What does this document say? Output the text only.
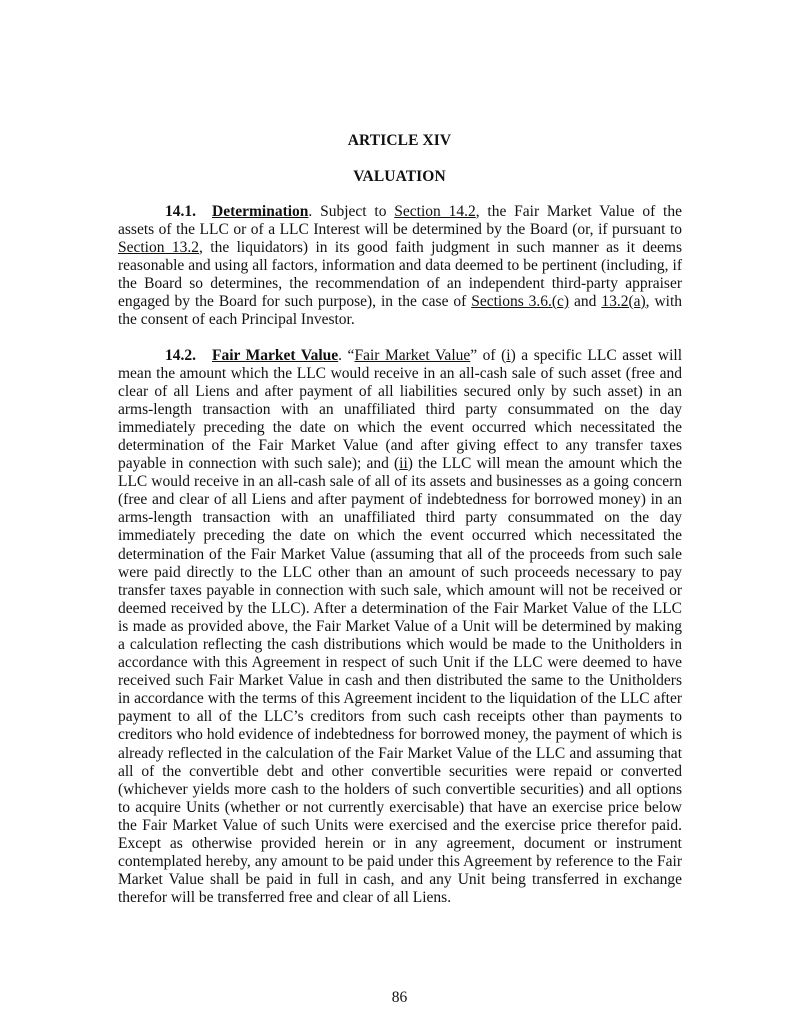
ARTICLE XIV
VALUATION

14.1. Determination. Subject to Section 14.2, the Fair Market Value of the assets of the LLC or of a LLC Interest will be determined by the Board (or, if pursuant to Section 13.2, the liquidators) in its good faith judgment in such manner as it deems reasonable and using all factors, information and data deemed to be pertinent (including, if the Board so determines, the recommendation of an independent third-party appraiser engaged by the Board for such purpose), in the case of Sections 3.6.(c) and 13.2(a), with the consent of each Principal Investor.

14.2. Fair Market Value. “Fair Market Value” of (i) a specific LLC asset will mean the amount which the LLC would receive in an all-cash sale of such asset (free and clear of all Liens and after payment of all liabilities secured only by such asset) in an arms-length transaction with an unaffiliated third party consummated on the day immediately preceding the date on which the event occurred which necessitated the determination of the Fair Market Value (and after giving effect to any transfer taxes payable in connection with such sale); and (ii) the LLC will mean the amount which the LLC would receive in an all-cash sale of all of its assets and businesses as a going concern (free and clear of all Liens and after payment of indebtedness for borrowed money) in an arms-length transaction with an unaffiliated third party consummated on the day immediately preceding the date on which the event occurred which necessitated the determination of the Fair Market Value (assuming that all of the proceeds from such sale were paid directly to the LLC other than an amount of such proceeds necessary to pay transfer taxes payable in connection with such sale, which amount will not be received or deemed received by the LLC). After a determination of the Fair Market Value of the LLC is made as provided above, the Fair Market Value of a Unit will be determined by making a calculation reflecting the cash distributions which would be made to the Unitholders in accordance with this Agreement in respect of such Unit if the LLC were deemed to have received such Fair Market Value in cash and then distributed the same to the Unitholders in accordance with the terms of this Agreement incident to the liquidation of the LLC after payment to all of the LLC’s creditors from such cash receipts other than payments to creditors who hold evidence of indebtedness for borrowed money, the payment of which is already reflected in the calculation of the Fair Market Value of the LLC and assuming that all of the convertible debt and other convertible securities were repaid or converted (whichever yields more cash to the holders of such convertible securities) and all options to acquire Units (whether or not currently exercisable) that have an exercise price below the Fair Market Value of such Units were exercised and the exercise price therefor paid. Except as otherwise provided herein or in any agreement, document or instrument contemplated hereby, any amount to be paid under this Agreement by reference to the Fair Market Value shall be paid in full in cash, and any Unit being transferred in exchange therefor will be transferred free and clear of all Liens.

86
